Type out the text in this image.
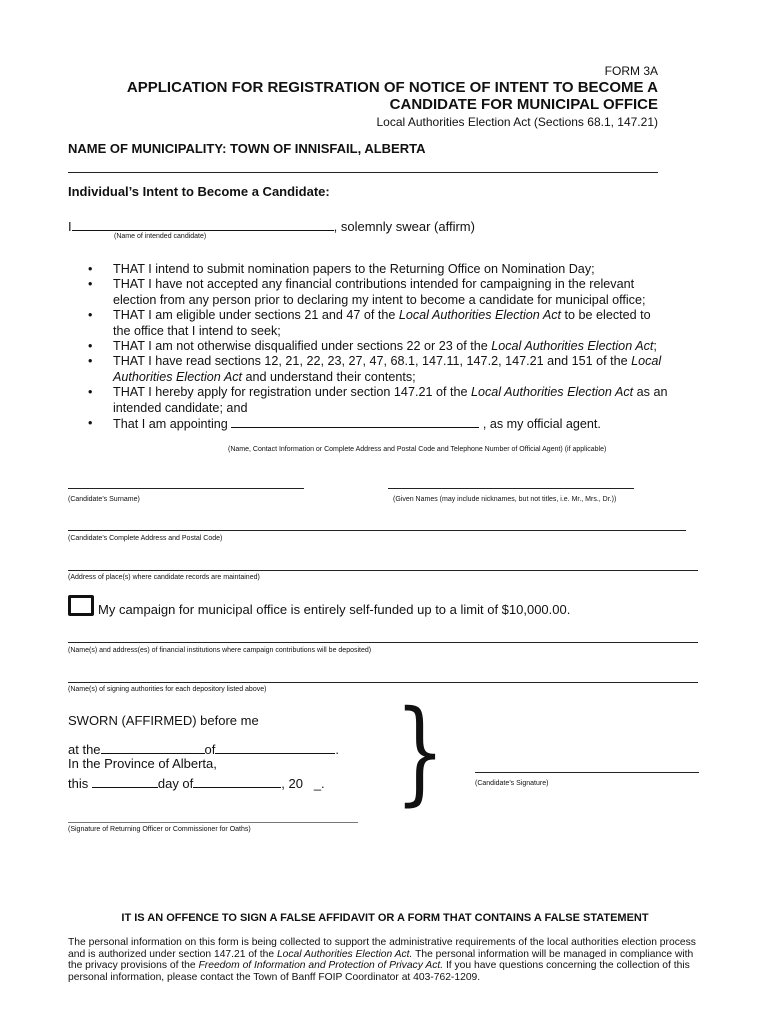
FORM 3A
APPLICATION FOR REGISTRATION OF NOTICE OF INTENT TO BECOME A
CANDIDATE FOR MUNICIPAL OFFICE
Local Authorities Election Act (Sections 68.1, 147.21)
NAME OF MUNICIPALITY: TOWN OF INNISFAIL, ALBERTA
Individual’s Intent to Become a Candidate:
I	, solemnly swear (affirm)
(Name of intended candidate)
• THAT I intend to submit nomination papers to the Returning Office on Nomination Day;
• THAT I have not accepted any financial contributions intended for campaigning in the relevant election from any person prior to declaring my intent to become a candidate for municipal office;
• THAT I am eligible under sections 21 and 47 of the Local Authorities Election Act to be elected to the office that I intend to seek;
• THAT I am not otherwise disqualified under sections 22 or 23 of the Local Authorities Election Act;
• THAT I have read sections 12, 21, 22, 23, 27, 47, 68.1, 147.11, 147.2, 147.21 and 151 of the Local Authorities Election Act and understand their contents;
• THAT I hereby apply for registration under section 147.21 of the Local Authorities Election Act as an intended candidate; and
• That I am appointing	, as my official agent.
(Name, Contact Information or Complete Address and Postal Code and Telephone Number of Official Agent) (if applicable)
(Candidate’s Surname)	(Given Names (may include nicknames, but not titles, i.e. Mr., Mrs., Dr.))
(Candidate’s Complete Address and Postal Code)
(Address of place(s) where candidate records are maintained)
My campaign for municipal office is entirely self-funded up to a limit of $10,000.00.
(Name(s) and address(es) of financial institutions where campaign contributions will be deposited)
(Name(s) of signing authorities for each depository listed above)
SWORN (AFFIRMED) before me
at the	of	.
In the Province of Alberta,
this	day of	, 20 _. }	(Candidate’s Signature)
(Signature of Returning Officer or Commissioner for Oaths)
IT IS AN OFFENCE TO SIGN A FALSE AFFIDAVIT OR A FORM THAT CONTAINS A FALSE STATEMENT
The personal information on this form is being collected to support the administrative requirements of the local authorities election process and is authorized under section 147.21 of the Local Authorities Election Act. The personal information will be managed in compliance with the privacy provisions of the Freedom of Information and Protection of Privacy Act. If you have questions concerning the collection of this personal information, please contact the Town of Banff FOIP Coordinator at 403-762-1209.
